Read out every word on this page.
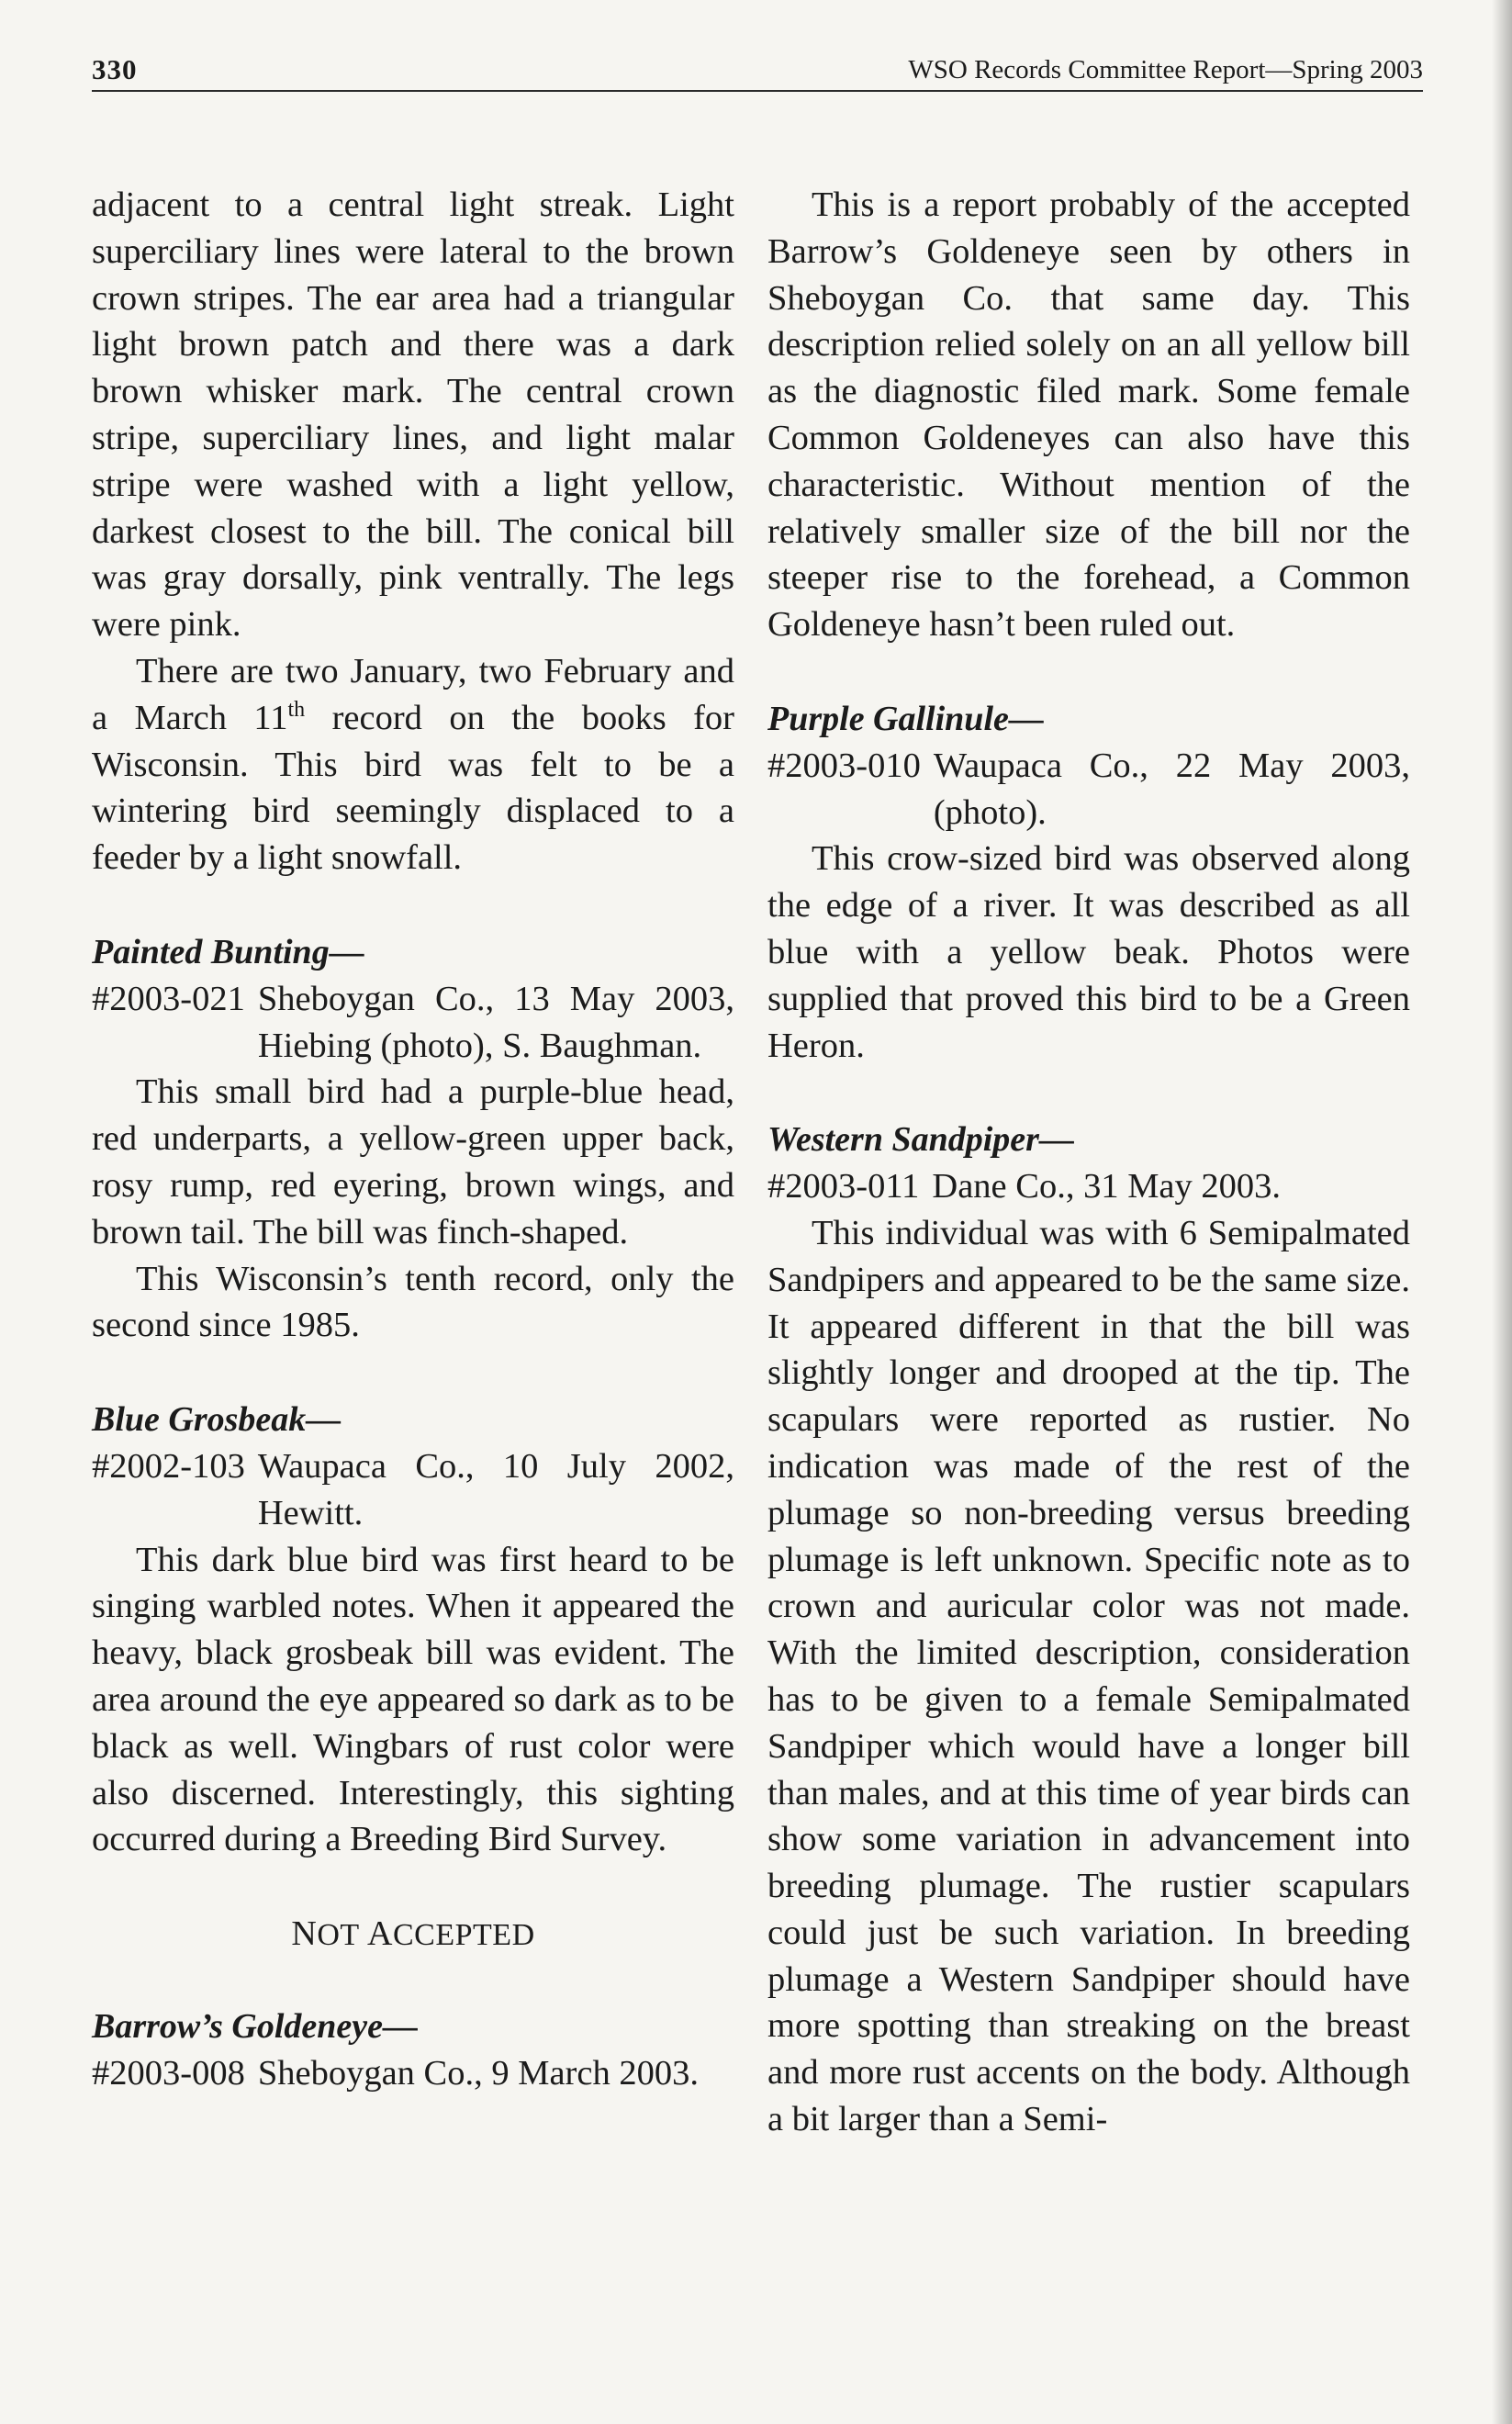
330	WSO Records Committee Report—Spring 2003

adjacent to a central light streak. Light superciliary lines were lateral to the brown crown stripes. The ear area had a triangular light brown patch and there was a dark brown whisker mark. The central crown stripe, superciliary lines, and light malar stripe were washed with a light yellow, darkest closest to the bill. The conical bill was gray dorsally, pink ventrally. The legs were pink.

There are two January, two February and a March 11th record on the books for Wisconsin. This bird was felt to be a wintering bird seemingly displaced to a feeder by a light snowfall.

Painted Bunting—

#2003-021 Sheboygan Co., 13 May 2003, Hiebing (photo), S. Baughman.

This small bird had a purple-blue head, red underparts, a yellow-green upper back, rosy rump, red eyering, brown wings, and brown tail. The bill was finch-shaped.

This Wisconsin’s tenth record, only the second since 1985.

Blue Grosbeak—

#2002-103 Waupaca Co., 10 July 2002, Hewitt.

This dark blue bird was first heard to be singing warbled notes. When it appeared the heavy, black grosbeak bill was evident. The area around the eye appeared so dark as to be black as well. Wingbars of rust color were also discerned. Interestingly, this sighting occurred during a Breeding Bird Survey.

NOT ACCEPTED

Barrow’s Goldeneye—

#2003-008 Sheboygan Co., 9 March 2003.

This is a report probably of the accepted Barrow’s Goldeneye seen by others in Sheboygan Co. that same day. This description relied solely on an all yellow bill as the diagnostic filed mark. Some female Common Goldeneyes can also have this characteristic. Without mention of the relatively smaller size of the bill nor the steeper rise to the forehead, a Common Goldeneye hasn’t been ruled out.

Purple Gallinule—

#2003-010 Waupaca Co., 22 May 2003, (photo).

This crow-sized bird was observed along the edge of a river. It was described as all blue with a yellow beak. Photos were supplied that proved this bird to be a Green Heron.

Western Sandpiper—

#2003-011 Dane Co., 31 May 2003.

This individual was with 6 Semipalmated Sandpipers and appeared to be the same size. It appeared different in that the bill was slightly longer and drooped at the tip. The scapulars were reported as rustier. No indication was made of the rest of the plumage so non-breeding versus breeding plumage is left unknown. Specific note as to crown and auricular color was not made. With the limited description, consideration has to be given to a female Semipalmated Sandpiper which would have a longer bill than males, and at this time of year birds can show some variation in advancement into breeding plumage. The rustier scapulars could just be such variation. In breeding plumage a Western Sandpiper should have more spotting than streaking on the breast and more rust accents on the body. Although a bit larger than a Semi-
